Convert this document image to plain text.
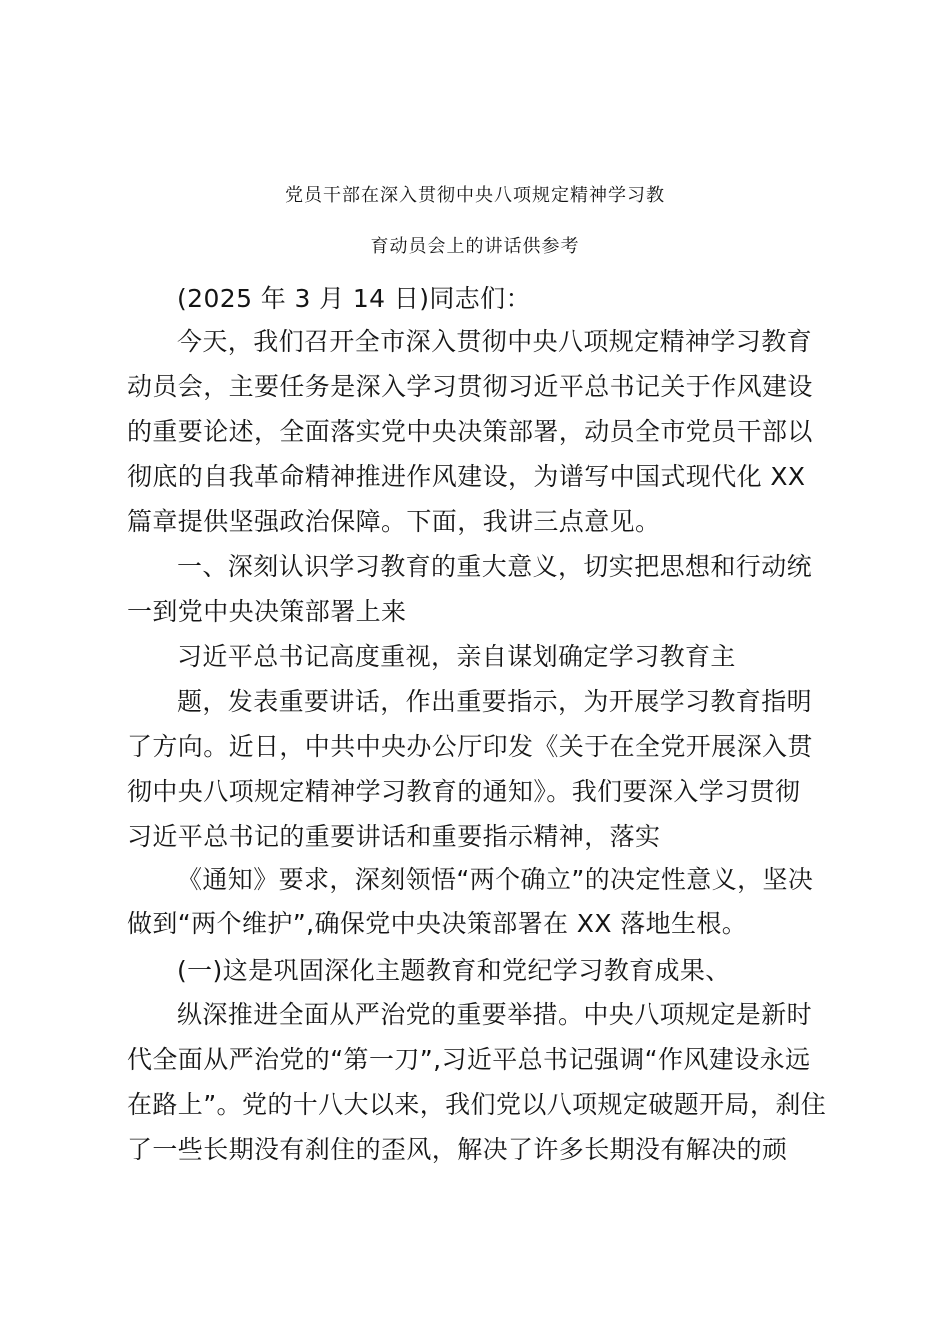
党员干部在深入贯彻中央八项规定精神学习教
育动员会上的讲话供参考
(2025 年 3 月 14 日)同志们：
今天，我们召开全市深入贯彻中央八项规定精神学习教育
动员会，主要任务是深入学习贯彻习近平总书记关于作风建设
的重要论述，全面落实党中央决策部署，动员全市党员干部以
彻底的自我革命精神推进作风建设，为谱写中国式现代化 XX
篇章提供坚强政治保障。下面，我讲三点意见。
一、深刻认识学习教育的重大意义，切实把思想和行动统
一到党中央决策部署上来
习近平总书记高度重视，亲自谋划确定学习教育主
题，发表重要讲话，作出重要指示，为开展学习教育指明
了方向。近日，中共中央办公厅印发《关于在全党开展深入贯
彻中央八项规定精神学习教育的通知》。我们要深入学习贯彻
习近平总书记的重要讲话和重要指示精神，落实
《通知》要求，深刻领悟“两个确立”的决定性意义，坚决
做到“两个维护”,确保党中央决策部署在 XX 落地生根。
(一)这是巩固深化主题教育和党纪学习教育成果、
纵深推进全面从严治党的重要举措。中央八项规定是新时
代全面从严治党的“第一刀”,习近平总书记强调“作风建设永远
在路上”。党的十八大以来，我们党以八项规定破题开局，刹住
了一些长期没有刹住的歪风，解决了许多长期没有解决的顽
